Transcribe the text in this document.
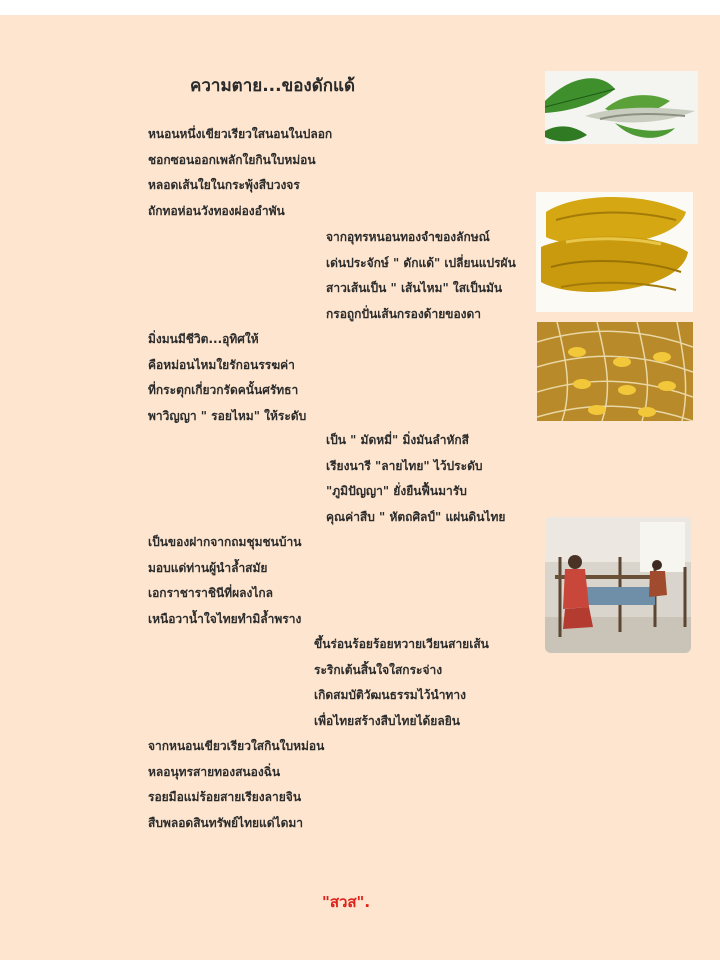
ความตาย...ของดักแด้
หนอนหนึ่งเขียวเรียวใสนอนในปลอก
ชอกซอนออกเพลักใยกินใบหม่อน
หลอดเส้นใยในกระพุ้งสืบวงจร
ถักทอห่อนวังทองผ่องอำพัน
จากอุทรหนอนทองจำของลักษณ์
เด่นประจักษ์ " ดักแด้" เปลี่ยนแปรผัน
สาวเส้นเป็น " เส้นไหม" ใสเป็นมัน
กรอถูกปั่นเส้นกรองด้ายของดา
มิ่งมนมีชีวิต...อุทิศให้
คือหม่อนไหมใยรักอนรรฆค่า
ที่กระตุกเกี่ยวกรัดคนั้นศรัทธา
พาวิญญา " รอยไหม" ให้ระดับ
เป็น " มัดหมี่" มิ่งมันลำหักสี
เรียงนารี "ลายไทย" ไว้ประดับ
"ภูมิปัญญา" ยั่งยืนฟื้นมารับ
คุณค่าสืบ " หัตถศิลป์" แผ่นดินไทย
เป็นของฝากจากถมชุมชนบ้าน
มอบแด่ท่านผู้นำล้ำสมัย
เอกราชาราชินีที่ผลงไกล
เหนือวาน้ำใจไทยทำมิล้ำพราง
ขึ้นร่อนร้อยร้อยหวายเวียนสายเส้น
ระริกเต้นสิ้นใจใสกระจ่าง
เกิดสมบัติวัฒนธรรมไว้นำทาง
เพื่อไทยสร้างสืบไทยได้ยลยิน
จากหนอนเขียวเรียวใสกินใบหม่อน
หลอนุทรสายทองสนองฉิ่น
รอยมือแม่ร้อยสายเรียงลายจิน
สืบพลอดสินทรัพย์ไทยแด่ไดมา
"สวส".
